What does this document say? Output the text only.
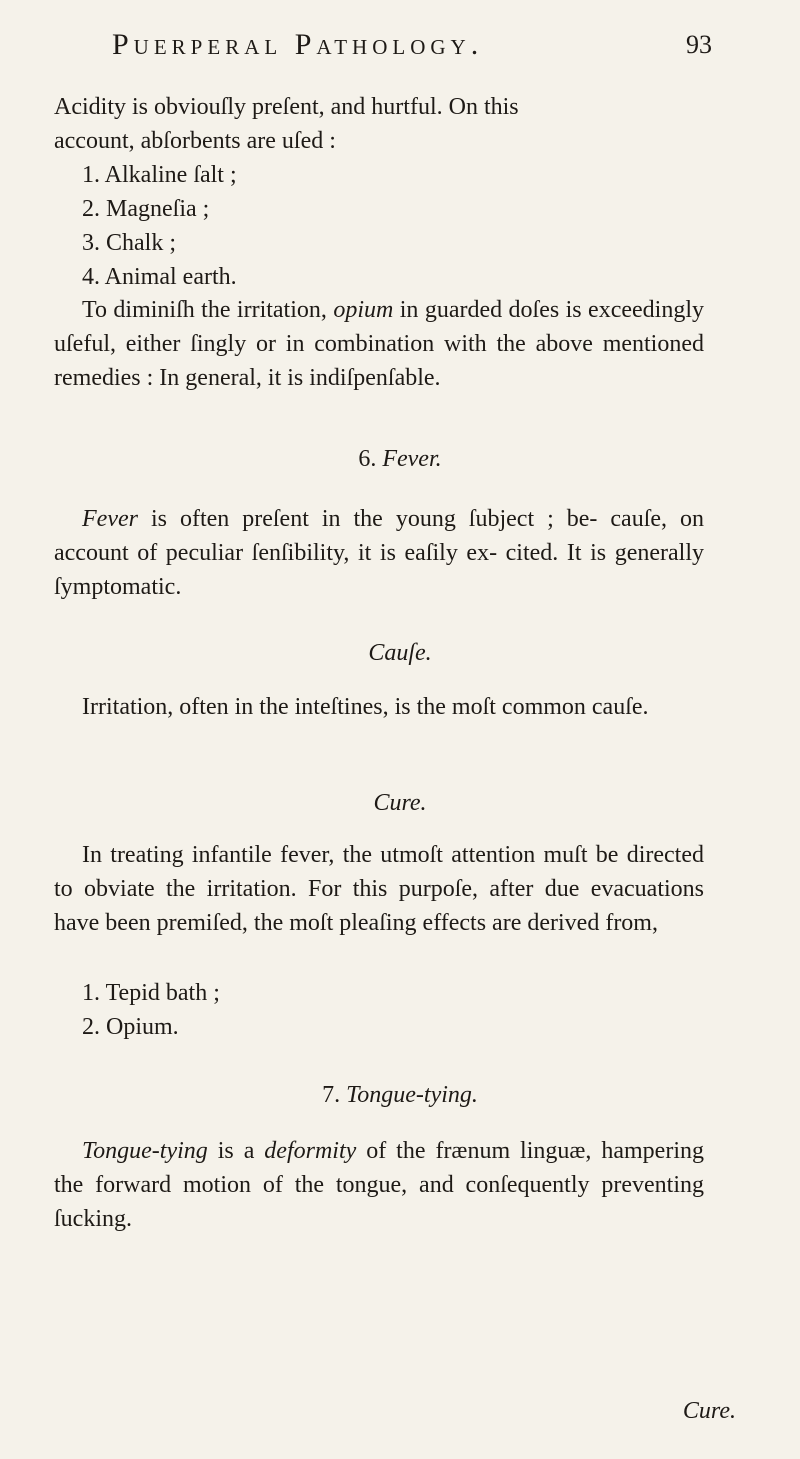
Puerperal Pathology.	93
Acidity is obviouſly preſent, and hurtful. On this
account, abſorbents are uſed :
1. Alkaline ſalt ;
2. Magneſia ;
3. Chalk ;
4. Animal earth.

To diminiſh the irritation, opium in guarded doſes is exceedingly uſeful, either ſingly or in combination with the above mentioned remedies : In general, it is indiſpenſable.

6. Fever.

Fever is often preſent in the young ſubject ; be- cauſe, on account of peculiar ſenſibility, it is eaſily ex- cited. It is generally ſymptomatic.

Cauſe.

Irritation, often in the inteſtines, is the moſt common cauſe.

Cure.

In treating infantile fever, the utmoſt attention muſt be directed to obviate the irritation. For this purpoſe, after due evacuations have been premiſed, the moſt pleaſing effects are derived from,

1. Tepid bath ;
2. Opium.
7. Tongue-tying.

Tongue-tying is a deformity of the frænum linguæ, hampering the forward motion of the tongue, and conſequently preventing ſucking.

Cure.
